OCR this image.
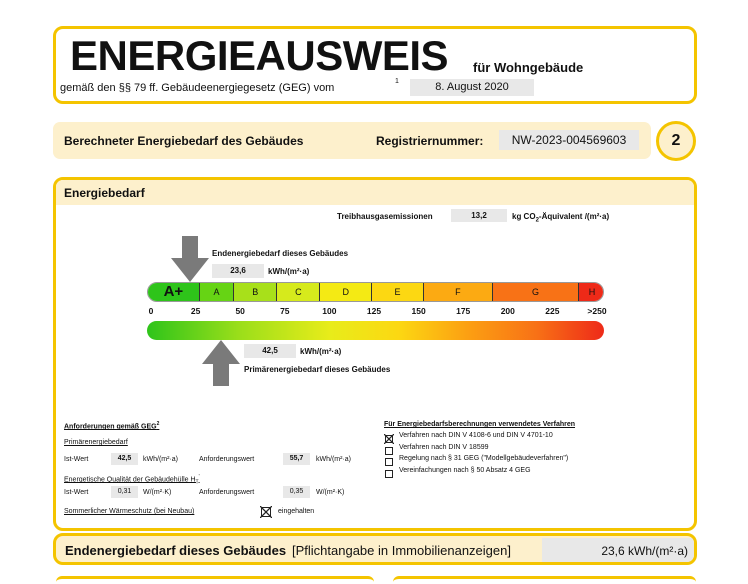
ENERGIEAUSWEIS für Wohngebäude
gemäß den §§ 79 ff. Gebäudeenergiegesetz (GEG) vom
1	8. August 2020
Berechneter Energiebedarf des Gebäudes	Registriernummer:	NW-2023-004569603	2
Energiebedarf
Treibhausgasemissionen	13,2	kg $CO_2$-Äquivalent /(m²·a)
Endenergiebedarf dieses Gebäudes
23,6	kWh/(m²·a)
A+	A	B	C	D	E	F	G	H
0	25	50	75	100	125	150	175	200	225	>250
42,5	kWh/(m²·a)
Primärenergiebedarf dieses Gebäudes
Anforderungen gemäß GEG$^2$
Primärenergiebedarf
Ist-Wert	42,5	kWh/(m²·a)	Anforderungswert	55,7	kWh/(m²·a)
Energetische Qualität der Gebäudehülle $H_T'$
Ist-Wert	0,31	W/(m²·K)	Anforderungswert	0,35	W/(m²·K)
Sommerlicher Wärmeschutz (bei Neubau)	eingehalten
Für Energiebedarfsberechnungen verwendetes Verfahren
Verfahren nach DIN V 4108-6 und DIN V 4701-10
Verfahren nach DIN V 18599
Regelung nach § 31 GEG ("Modellgebäudeverfahren")
Vereinfachungen nach § 50 Absatz 4 GEG
Endenergiebedarf dieses Gebäudes [Pflichtangabe in Immobilienanzeigen]	23,6 kWh/(m²·a)
